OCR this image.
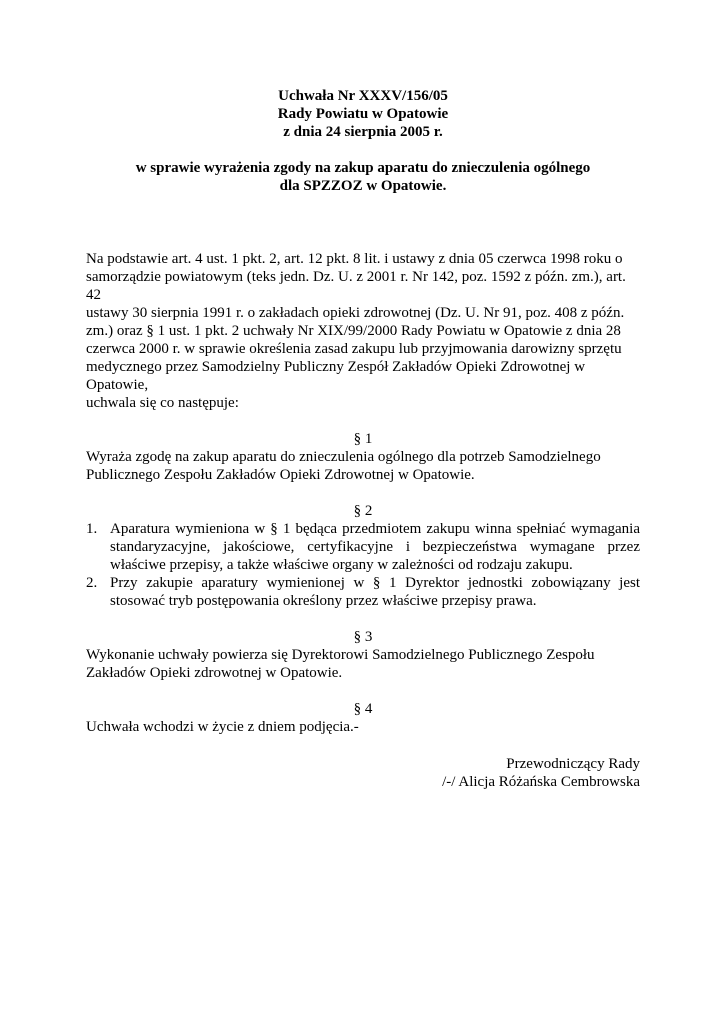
Uchwała Nr XXXV/156/05

Rady Powiatu w Opatowie

z dnia 24 sierpnia 2005 r.

w sprawie wyrażenia zgody na zakup aparatu do znieczulenia ogólnego

dla SPZZOZ w Opatowie.

Na podstawie art. 4 ust. 1 pkt. 2, art. 12 pkt. 8 lit. i ustawy z dnia 05 czerwca 1998 roku o

samorządzie powiatowym (teks jedn. Dz. U. z 2001 r. Nr 142, poz. 1592 z późn. zm.), art. 42

ustawy 30 sierpnia 1991 r. o zakładach opieki zdrowotnej (Dz. U. Nr 91, poz. 408 z późn.

zm.) oraz § 1 ust. 1 pkt. 2 uchwały Nr XIX/99/2000 Rady Powiatu w Opatowie z dnia 28

czerwca 2000 r. w sprawie określenia zasad zakupu lub przyjmowania darowizny sprzętu

medycznego przez Samodzielny Publiczny Zespół Zakładów Opieki Zdrowotnej w Opatowie,

uchwala się co następuje:

§ 1

Wyraża zgodę na zakup aparatu do znieczulenia ogólnego dla potrzeb Samodzielnego

Publicznego Zespołu Zakładów Opieki Zdrowotnej w Opatowie.

§ 2
1. Aparatura wymieniona w § 1 będąca przedmiotem zakupu winna spełniać wymagania standaryzacyjne, jakościowe, certyfikacyjne i bezpieczeństwa wymagane przez właściwe przepisy, a także właściwe organy w zależności od rodzaju zakupu.
2. Przy zakupie aparatury wymienionej w § 1 Dyrektor jednostki zobowiązany jest stosować tryb postępowania określony przez właściwe przepisy prawa.
§ 3

Wykonanie uchwały powierza się Dyrektorowi Samodzielnego Publicznego Zespołu

Zakładów Opieki zdrowotnej w Opatowie.

§ 4

Uchwała wchodzi w życie z dniem podjęcia.-

Przewodniczący Rady

/-/ Alicja Różańska Cembrowska
